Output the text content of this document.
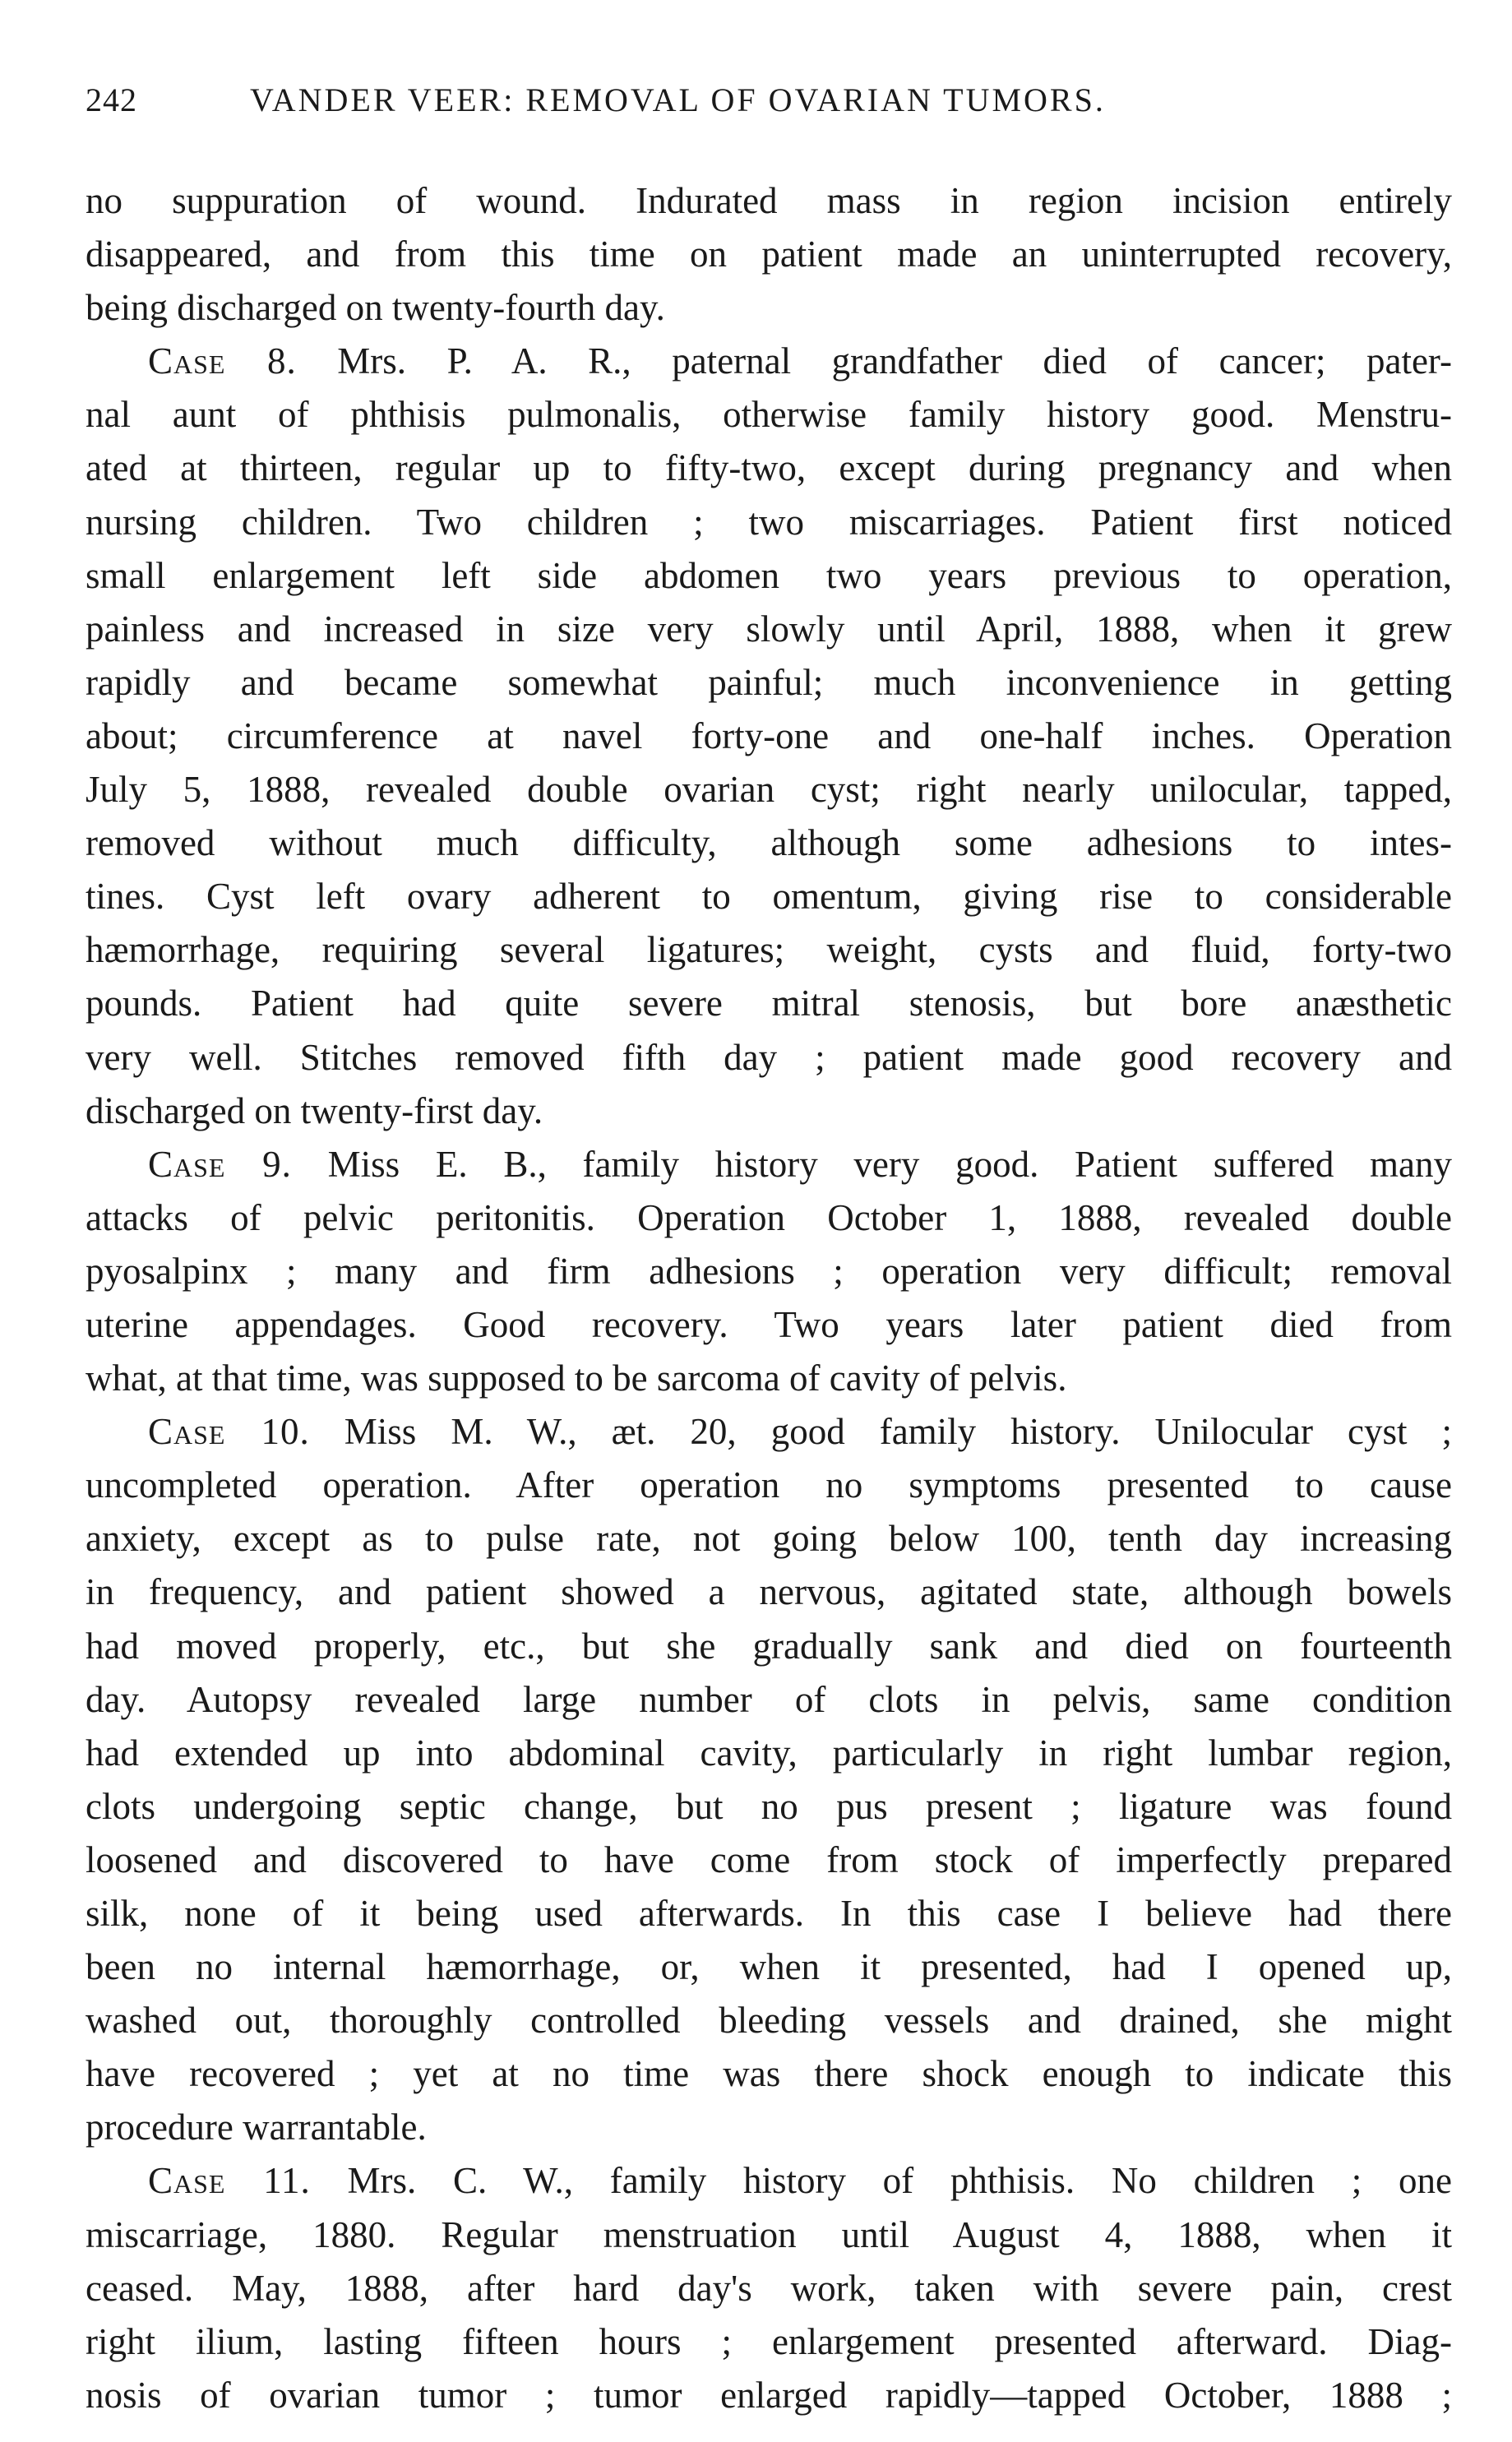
242	VANDER VEER: REMOVAL OF OVARIAN TUMORS.
no suppuration of wound. Indurated mass in region incision entirely
disappeared, and from this time on patient made an uninterrupted recovery,
being discharged on twenty-fourth day.
Case 8. Mrs. P. A. R., paternal grandfather died of cancer; pater-
nal aunt of phthisis pulmonalis, otherwise family history good. Menstru-
ated at thirteen, regular up to fifty-two, except during pregnancy and when
nursing children. Two children ; two miscarriages. Patient first noticed
small enlargement left side abdomen two years previous to operation,
painless and increased in size very slowly until April, 1888, when it grew
rapidly and became somewhat painful; much inconvenience in getting
about; circumference at navel forty-one and one-half inches. Operation
July 5, 1888, revealed double ovarian cyst; right nearly unilocular, tapped,
removed without much difficulty, although some adhesions to intes-
tines. Cyst left ovary adherent to omentum, giving rise to considerable
hæmorrhage, requiring several ligatures; weight, cysts and fluid, forty-two
pounds. Patient had quite severe mitral stenosis, but bore anæsthetic
very well. Stitches removed fifth day ; patient made good recovery and
discharged on twenty-first day.
Case 9. Miss E. B., family history very good. Patient suffered many
attacks of pelvic peritonitis. Operation October 1, 1888, revealed double
pyosalpinx ; many and firm adhesions ; operation very difficult; removal
uterine appendages. Good recovery. Two years later patient died from
what, at that time, was supposed to be sarcoma of cavity of pelvis.
Case 10. Miss M. W., æt. 20, good family history. Unilocular cyst ;
uncompleted operation. After operation no symptoms presented to cause
anxiety, except as to pulse rate, not going below 100, tenth day increasing
in frequency, and patient showed a nervous, agitated state, although bowels
had moved properly, etc., but she gradually sank and died on fourteenth
day. Autopsy revealed large number of clots in pelvis, same condition
had extended up into abdominal cavity, particularly in right lumbar region,
clots undergoing septic change, but no pus present ; ligature was found
loosened and discovered to have come from stock of imperfectly prepared
silk, none of it being used afterwards. In this case I believe had there
been no internal hæmorrhage, or, when it presented, had I opened up,
washed out, thoroughly controlled bleeding vessels and drained, she might
have recovered ; yet at no time was there shock enough to indicate this
procedure warrantable.
Case 11. Mrs. C. W., family history of phthisis. No children ; one
miscarriage, 1880. Regular menstruation until August 4, 1888, when it
ceased. May, 1888, after hard day's work, taken with severe pain, crest
right ilium, lasting fifteen hours ; enlargement presented afterward. Diag-
nosis of ovarian tumor ; tumor enlarged rapidly—tapped October, 1888 ;
